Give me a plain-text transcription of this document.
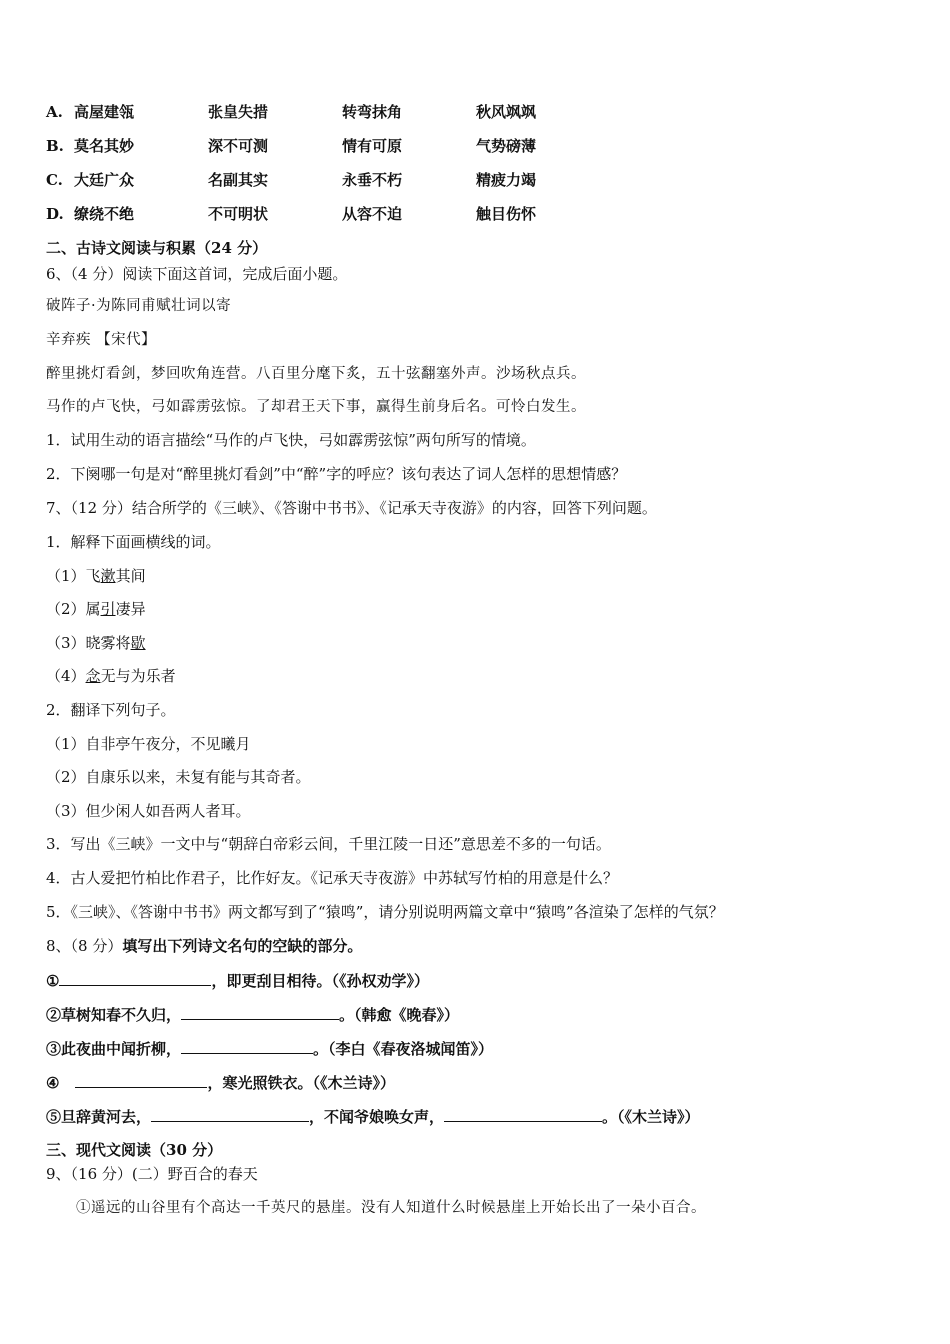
A. 高屋建瓴	张皇失措	转弯抹角	秋风飒飒
B. 莫名其妙	深不可测	情有可原	气势磅薄
C. 大廷广众	名副其实	永垂不朽	精疲力竭
D. 缭绕不绝	不可明状	从容不迫	触目伤怀
二、古诗文阅读与积累（24 分）
6、（4 分）阅读下面这首词，完成后面小题。
破阵子·为陈同甫赋壮词以寄
辛弃疾 【宋代】
醉里挑灯看剑，梦回吹角连营。八百里分麾下炙，五十弦翻塞外声。沙场秋点兵。
马作的卢飞快，弓如霹雳弦惊。了却君王天下事，赢得生前身后名。可怜白发生。
1．试用生动的语言描绘“马作的卢飞快，弓如霹雳弦惊”两句所写的情境。
2．下阕哪一句是对“醉里挑灯看剑”中“醉”字的呼应？该句表达了词人怎样的思想情感？
7、（12 分）结合所学的《三峡》、《答谢中书书》、《记承天寺夜游》的内容，回答下列问题。
1．解释下面画横线的词。
（1）飞漱其间
（2）属引凄异
（3）晓雾将歇
（4）念无与为乐者
2．翻译下列句子。
（1）自非亭午夜分，不见曦月
（2）自康乐以来，未复有能与其奇者。
（3）但少闲人如吾两人者耳。
3．写出《三峡》一文中与“朝辞白帝彩云间，千里江陵一日还”意思差不多的一句话。
4．古人爱把竹柏比作君子，比作好友。《记承天寺夜游》中苏轼写竹柏的用意是什么？
5．《三峡》、《答谢中书书》两文都写到了“猿鸣”，请分别说明两篇文章中“猿鸣”各渲染了怎样的气氛？
8、（8 分）填写出下列诗文名句的空缺的部分。
①	，即更刮目相待。（《孙权劝学》）
②草树知春不久归，	。（韩愈《晚春》）
③此夜曲中闻折柳，	。（李白《春夜洛城闻笛》）
④	，寒光照铁衣。（《木兰诗》）
⑤旦辞黄河去，	，不闻爷娘唤女声，	。（《木兰诗》）
三、现代文阅读（30 分）
9、（16 分）(二）野百合的春天
①遥远的山谷里有个高达一千英尺的悬崖。没有人知道什么时候悬崖上开始长出了一朵小百合。
